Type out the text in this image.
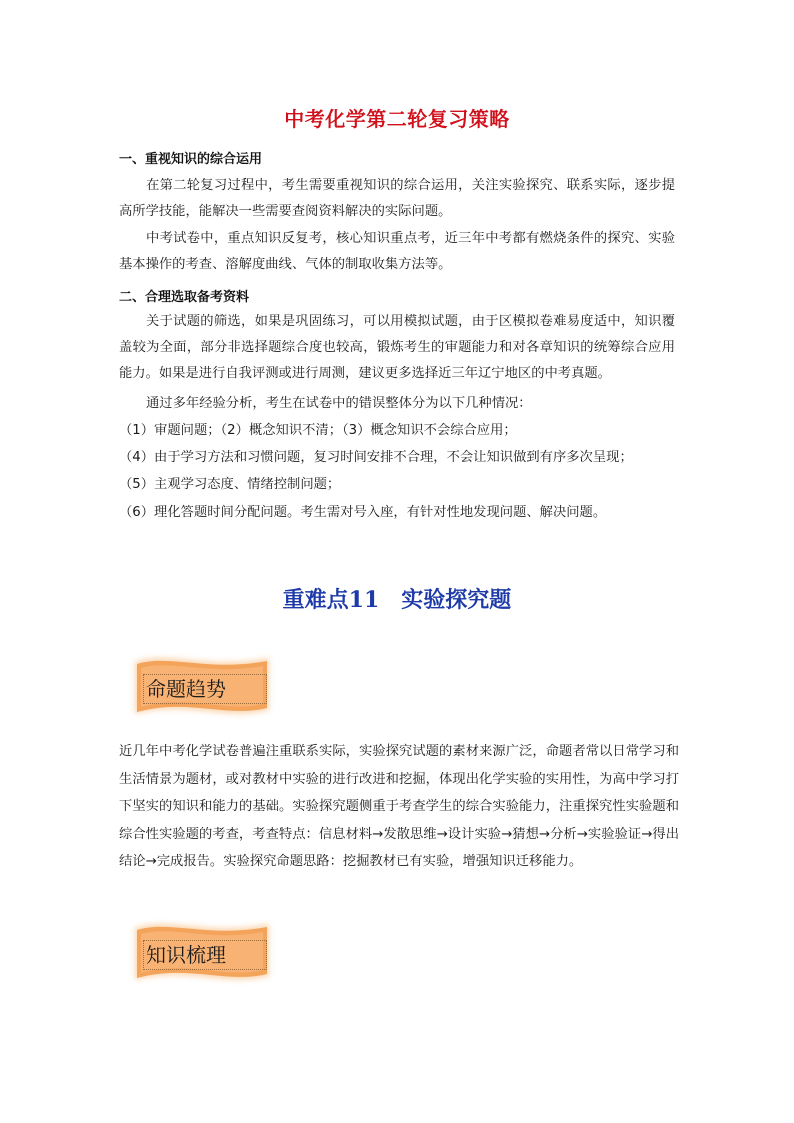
中考化学第二轮复习策略
一、重视知识的综合运用
在第二轮复习过程中，考生需要重视知识的综合运用，关注实验探究、联系实际，逐步提高所学技能，能解决一些需要查阅资料解决的实际问题。
中考试卷中，重点知识反复考，核心知识重点考，近三年中考都有燃烧条件的探究、实验基本操作的考查、溶解度曲线、气体的制取收集方法等。
二、合理选取备考资料
关于试题的筛选，如果是巩固练习，可以用模拟试题，由于区模拟卷难易度适中，知识覆盖较为全面，部分非选择题综合度也较高，锻炼考生的审题能力和对各章知识的统筹综合应用能力。如果是进行自我评测或进行周测，建议更多选择近三年辽宁地区的中考真题。
通过多年经验分析，考生在试卷中的错误整体分为以下几种情况：
（1）审题问题；（2）概念知识不清；（3）概念知识不会综合应用；
（4）由于学习方法和习惯问题，复习时间安排不合理，不会让知识做到有序多次呈现；
（5）主观学习态度、情绪控制问题；
（6）理化答题时间分配问题。考生需对号入座，有针对性地发现问题、解决问题。
重难点11 实验探究题
命题趋势
近几年中考化学试卷普遍注重联系实际，实验探究试题的素材来源广泛，命题者常以日常学习和生活情景为题材，或对教材中实验的进行改进和挖掘，体现出化学实验的实用性，为高中学习打下坚实的知识和能力的基础。实验探究题侧重于考查学生的综合实验能力，注重探究性实验题和综合性实验题的考查，考查特点：信息材料→发散思维→设计实验→猜想→分析→实验验证→得出结论→完成报告。实验探究命题思路：挖掘教材已有实验，增强知识迁移能力。
知识梳理
